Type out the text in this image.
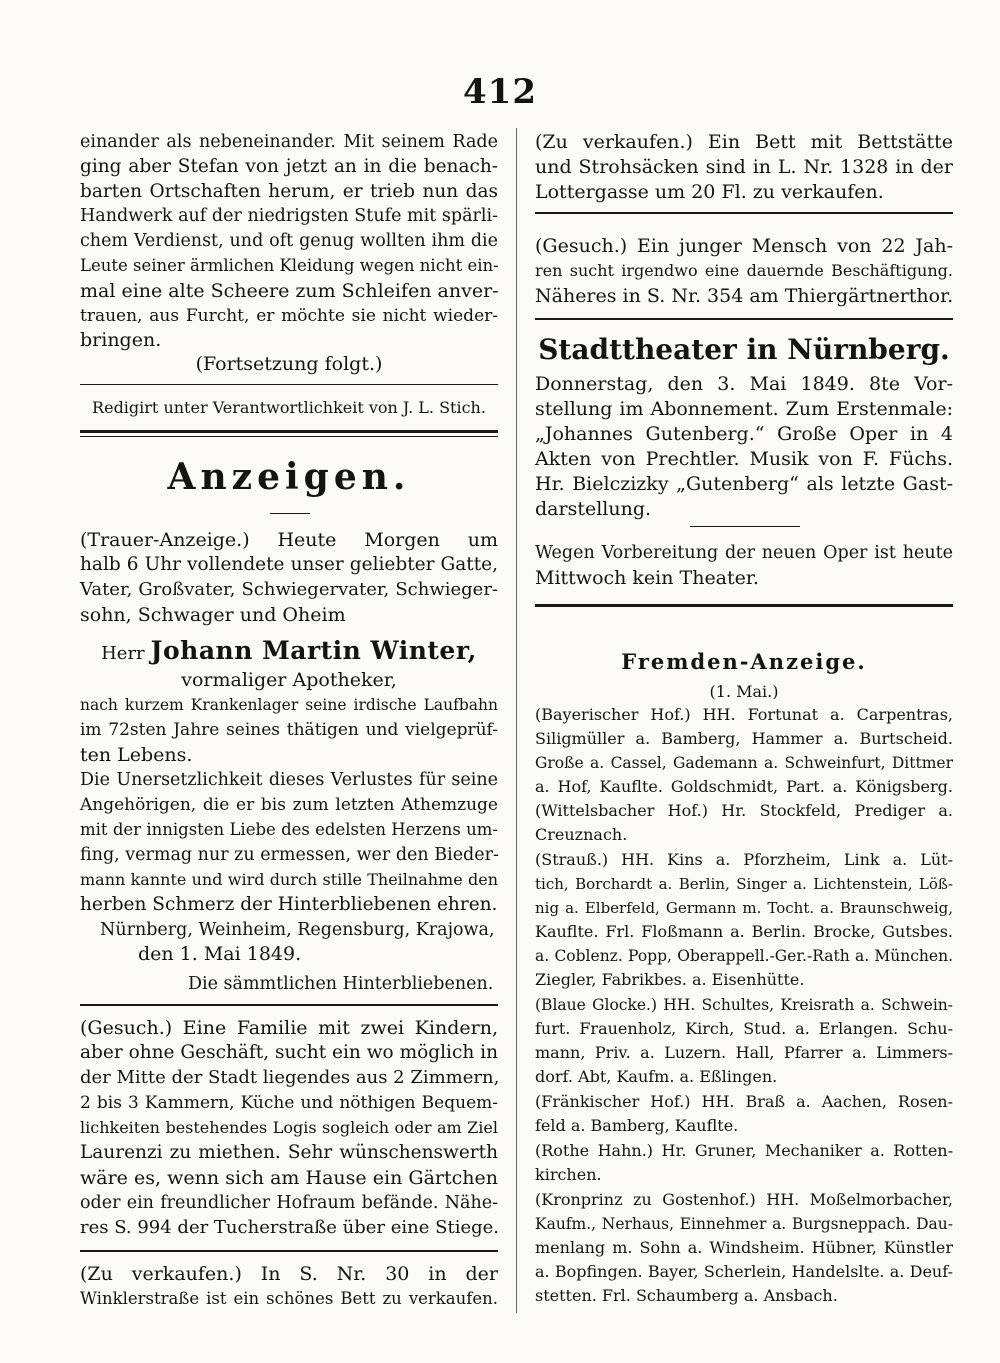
412

einander als nebeneinander. Mit seinem Rade

ging aber Stefan von jetzt an in die benach-

barten Ortschaften herum, er trieb nun das

Handwerk auf der niedrigsten Stufe mit spärli-

chem Verdienst, und oft genug wollten ihm die

Leute seiner ärmlichen Kleidung wegen nicht ein-

mal eine alte Scheere zum Schleifen anver-

trauen, aus Furcht, er möchte sie nicht wieder-

bringen.

(Fortsetzung folgt.)

Redigirt unter Verantwortlichkeit von J. L. Stich.

Anzeigen.

(Trauer-Anzeige.) Heute Morgen um

halb 6 Uhr vollendete unser geliebter Gatte,

Vater, Großvater, Schwiegervater, Schwieger-

sohn, Schwager und Oheim

Herr Johann Martin Winter,

vormaliger Apotheker,

nach kurzem Krankenlager seine irdische Laufbahn

im 72sten Jahre seines thätigen und vielgeprüf-

ten Lebens.

Die Unersetzlichkeit dieses Verlustes für seine

Angehörigen, die er bis zum letzten Athemzuge

mit der innigsten Liebe des edelsten Herzens um-

fing, vermag nur zu ermessen, wer den Bieder-

mann kannte und wird durch stille Theilnahme den

herben Schmerz der Hinterbliebenen ehren.

Nürnberg, Weinheim, Regensburg, Krajowa,

den 1. Mai 1849.

Die sämmtlichen Hinterbliebenen.

(Gesuch.) Eine Familie mit zwei Kindern,

aber ohne Geschäft, sucht ein wo möglich in

der Mitte der Stadt liegendes aus 2 Zimmern,

2 bis 3 Kammern, Küche und nöthigen Bequem-

lichkeiten bestehendes Logis sogleich oder am Ziel

Laurenzi zu miethen. Sehr wünschenswerth

wäre es, wenn sich am Hause ein Gärtchen

oder ein freundlicher Hofraum befände. Nähe-

res S. 994 der Tucherstraße über eine Stiege.

(Zu verkaufen.) In S. Nr. 30 in der

Winklerstraße ist ein schönes Bett zu verkaufen.

(Zu verkaufen.) Ein Bett mit Bettstätte

und Strohsäcken sind in L. Nr. 1328 in der

Lottergasse um 20 Fl. zu verkaufen.

(Gesuch.) Ein junger Mensch von 22 Jah-

ren sucht irgendwo eine dauernde Beschäftigung.

Näheres in S. Nr. 354 am Thiergärtnerthor.

Stadttheater in Nürnberg.

Donnerstag, den 3. Mai 1849. 8te Vor-

stellung im Abonnement. Zum Erstenmale:

„Johannes Gutenberg.“ Große Oper in 4

Akten von Prechtler. Musik von F. Füchs.

Hr. Bielczizky „Gutenberg“ als letzte Gast-

darstellung.

Wegen Vorbereitung der neuen Oper ist heute

Mittwoch kein Theater.

Fremden-Anzeige.

(1. Mai.)

(Bayerischer Hof.) HH. Fortunat a. Carpentras,

Siligmüller a. Bamberg, Hammer a. Burtscheid.

Große a. Cassel, Gademann a. Schweinfurt, Dittmer

a. Hof, Kauflte. Goldschmidt, Part. a. Königsberg.

(Wittelsbacher Hof.) Hr. Stockfeld, Prediger a.

Creuznach.

(Strauß.) HH. Kins a. Pforzheim, Link a. Lüt-

tich, Borchardt a. Berlin, Singer a. Lichtenstein, Löß-

nig a. Elberfeld, Germann m. Tocht. a. Braunschweig,

Kauflte. Frl. Floßmann a. Berlin. Brocke, Gutsbes.

a. Coblenz. Popp, Oberappell.-Ger.-Rath a. München.

Ziegler, Fabrikbes. a. Eisenhütte.

(Blaue Glocke.) HH. Schultes, Kreisrath a. Schwein-

furt. Frauenholz, Kirch, Stud. a. Erlangen. Schu-

mann, Priv. a. Luzern. Hall, Pfarrer a. Limmers-

dorf. Abt, Kaufm. a. Eßlingen.

(Fränkischer Hof.) HH. Braß a. Aachen, Rosen-

feld a. Bamberg, Kauflte.

(Rothe Hahn.) Hr. Gruner, Mechaniker a. Rotten-

kirchen.

(Kronprinz zu Gostenhof.) HH. Moßelmorbacher,

Kaufm., Nerhaus, Einnehmer a. Burgsneppach. Dau-

menlang m. Sohn a. Windsheim. Hübner, Künstler

a. Bopfingen. Bayer, Scherlein, Handelslte. a. Deuf-

stetten. Frl. Schaumberg a. Ansbach.
